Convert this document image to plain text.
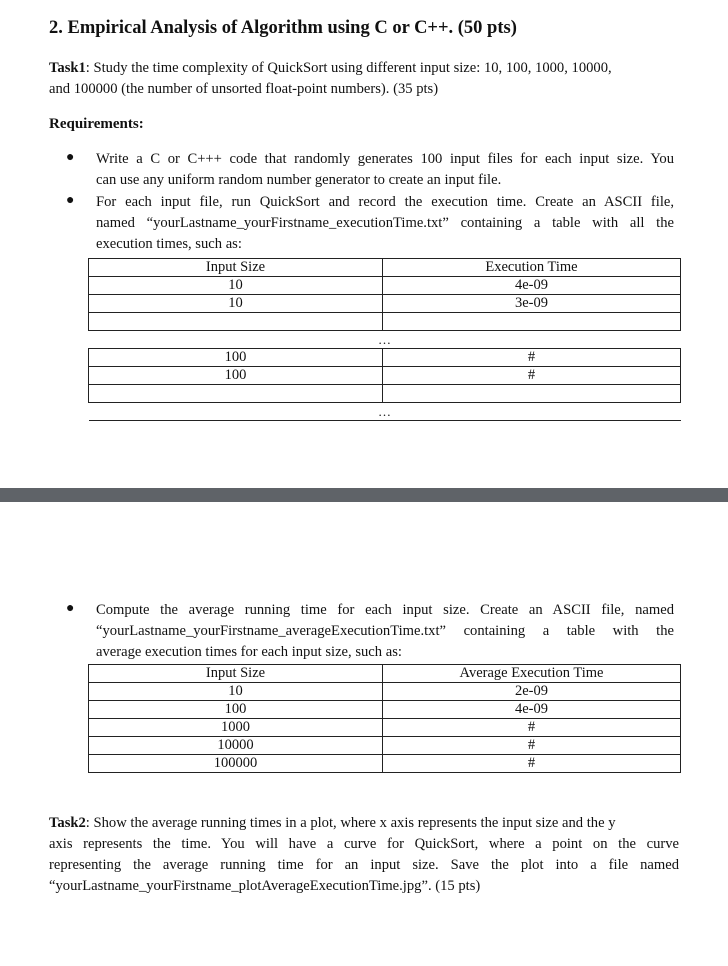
2. Empirical Analysis of Algorithm using C or C++. (50 pts)
Task1: Study the time complexity of QuickSort using different input size: 10, 100, 1000, 10000,
and 100000 (the number of unsorted float-point numbers). (35 pts)
Requirements:
● Write a C or C+++ code that randomly generates 100 input files for each input size. You
can use any uniform random number generator to create an input file.
● For each input file, run QuickSort and record the execution time. Create an ASCII file,
named “yourLastname_yourFirstname_executionTime.txt” containing a table with all the
execution times, such as:
Input Size	Execution Time
10	4e-09
10	3e-09

…	
100	#
100	#

…	
● Compute the average running time for each input size. Create an ASCII file, named
“yourLastname_yourFirstname_averageExecutionTime.txt” containing a table with the
average execution times for each input size, such as:
Input Size	Average Execution Time
10	2e-09
100	4e-09
1000	#
10000	#
100000	#
Task2: Show the average running times in a plot, where x axis represents the input size and the y
axis represents the time. You will have a curve for QuickSort, where a point on the curve
representing the average running time for an input size. Save the plot into a file named
“yourLastname_yourFirstname_plotAverageExecutionTime.jpg”. (15 pts)
